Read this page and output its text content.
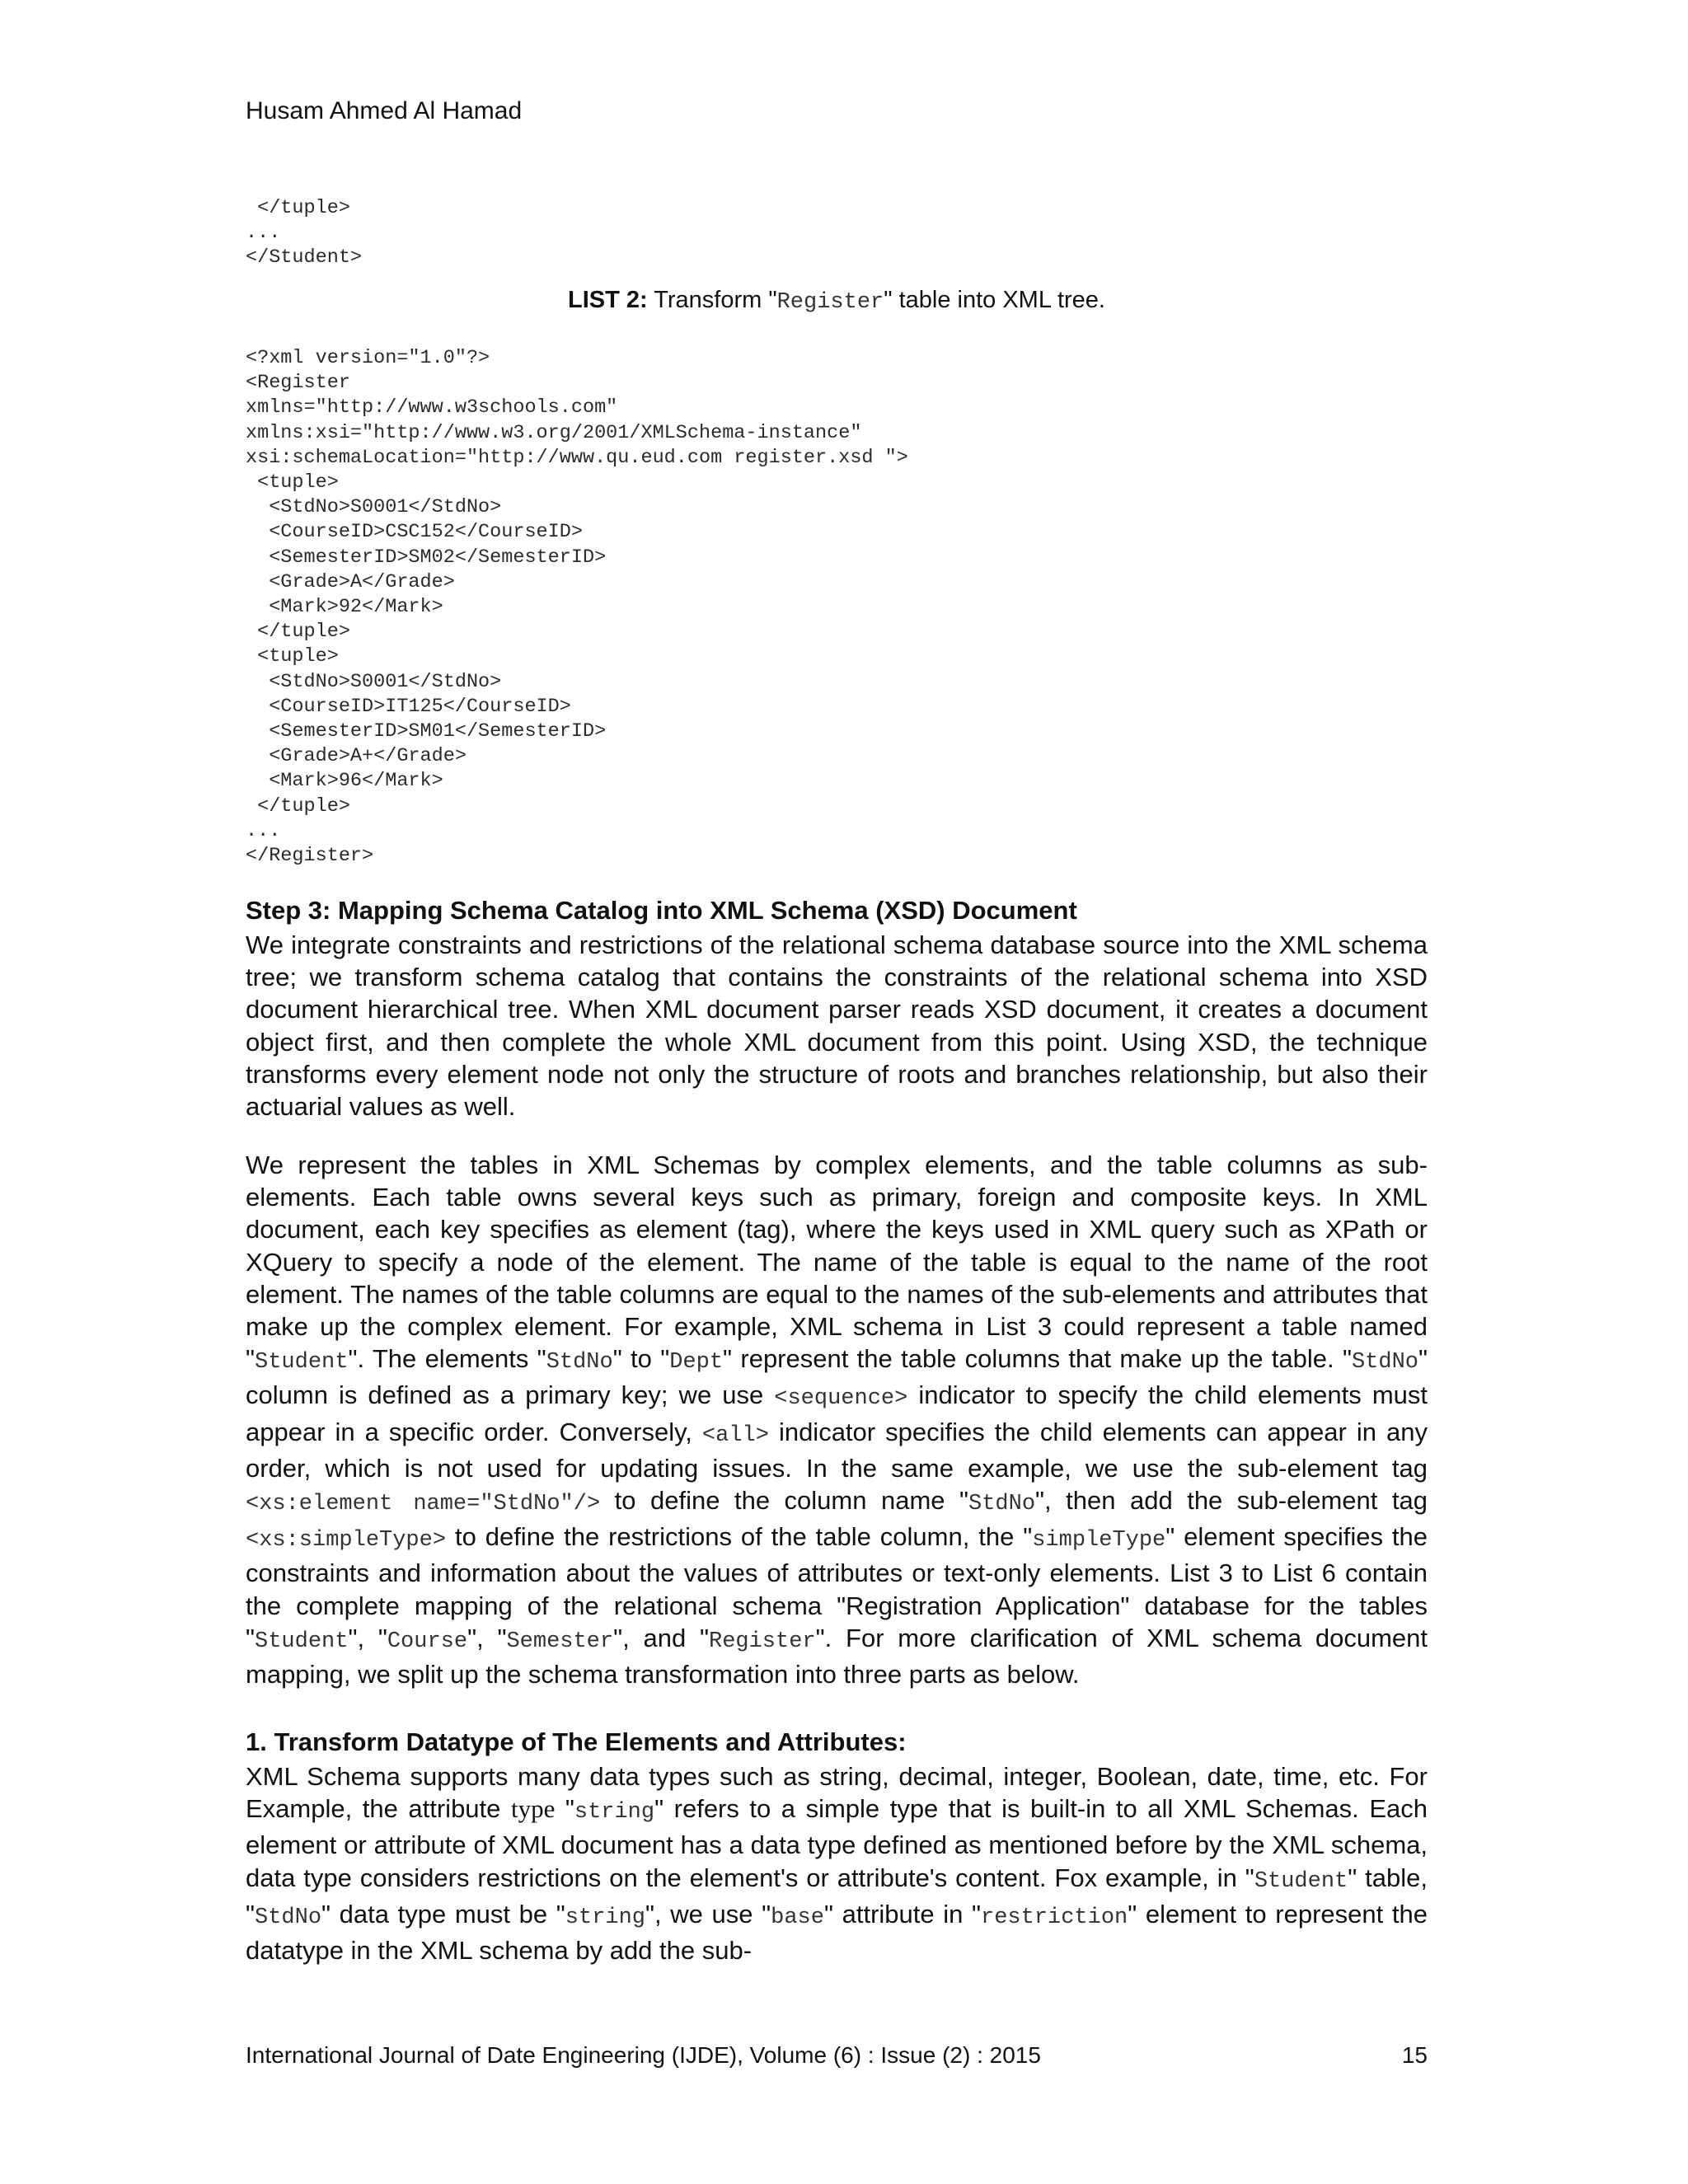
Husam Ahmed Al Hamad
</tuple>
...
</Student>
LIST 2: Transform "Register" table into XML tree.
<?xml version="1.0"?>
<Register
xmlns="http://www.w3schools.com"
xmlns:xsi="http://www.w3.org/2001/XMLSchema-instance"
xsi:schemaLocation="http://www.qu.eud.com register.xsd ">
<tuple>
<StdNo>S0001</StdNo>
<CourseID>CSC152</CourseID>
<SemesterID>SM02</SemesterID>
<Grade>A</Grade>
<Mark>92</Mark>
</tuple>
<tuple>
<StdNo>S0001</StdNo>
<CourseID>IT125</CourseID>
<SemesterID>SM01</SemesterID>
<Grade>A+</Grade>
<Mark>96</Mark>
</tuple>
...
</Register>
Step 3: Mapping Schema Catalog into XML Schema (XSD) Document

We integrate constraints and restrictions of the relational schema database source into the XML schema tree; we transform schema catalog that contains the constraints of the relational schema into XSD document hierarchical tree. When XML document parser reads XSD document, it creates a document object first, and then complete the whole XML document from this point. Using XSD, the technique transforms every element node not only the structure of roots and branches relationship, but also their actuarial values as well.

We represent the tables in XML Schemas by complex elements, and the table columns as sub-elements. Each table owns several keys such as primary, foreign and composite keys. In XML document, each key specifies as element (tag), where the keys used in XML query such as XPath or XQuery to specify a node of the element. The name of the table is equal to the name of the root element. The names of the table columns are equal to the names of the sub-elements and attributes that make up the complex element. For example, XML schema in List 3 could represent a table named "Student". The elements "StdNo" to "Dept" represent the table columns that make up the table. "StdNo" column is defined as a primary key; we use <sequence> indicator to specify the child elements must appear in a specific order. Conversely, <all> indicator specifies the child elements can appear in any order, which is not used for updating issues. In the same example, we use the sub-element tag <xs:element name="StdNo"/> to define the column name "StdNo", then add the sub-element tag <xs:simpleType> to define the restrictions of the table column, the "simpleType" element specifies the constraints and information about the values of attributes or text-only elements. List 3 to List 6 contain the complete mapping of the relational schema "Registration Application" database for the tables "Student", "Course", "Semester", and "Register". For more clarification of XML schema document mapping, we split up the schema transformation into three parts as below.

1. Transform Datatype of The Elements and Attributes:

XML Schema supports many data types such as string, decimal, integer, Boolean, date, time, etc. For Example, the attribute type "string" refers to a simple type that is built-in to all XML Schemas. Each element or attribute of XML document has a data type defined as mentioned before by the XML schema, data type considers restrictions on the element's or attribute's content. Fox example, in "Student" table, "StdNo" data type must be "string", we use "base" attribute in "restriction" element to represent the datatype in the XML schema by add the sub-

International Journal of Date Engineering (IJDE), Volume (6) : Issue (2) : 2015	15
